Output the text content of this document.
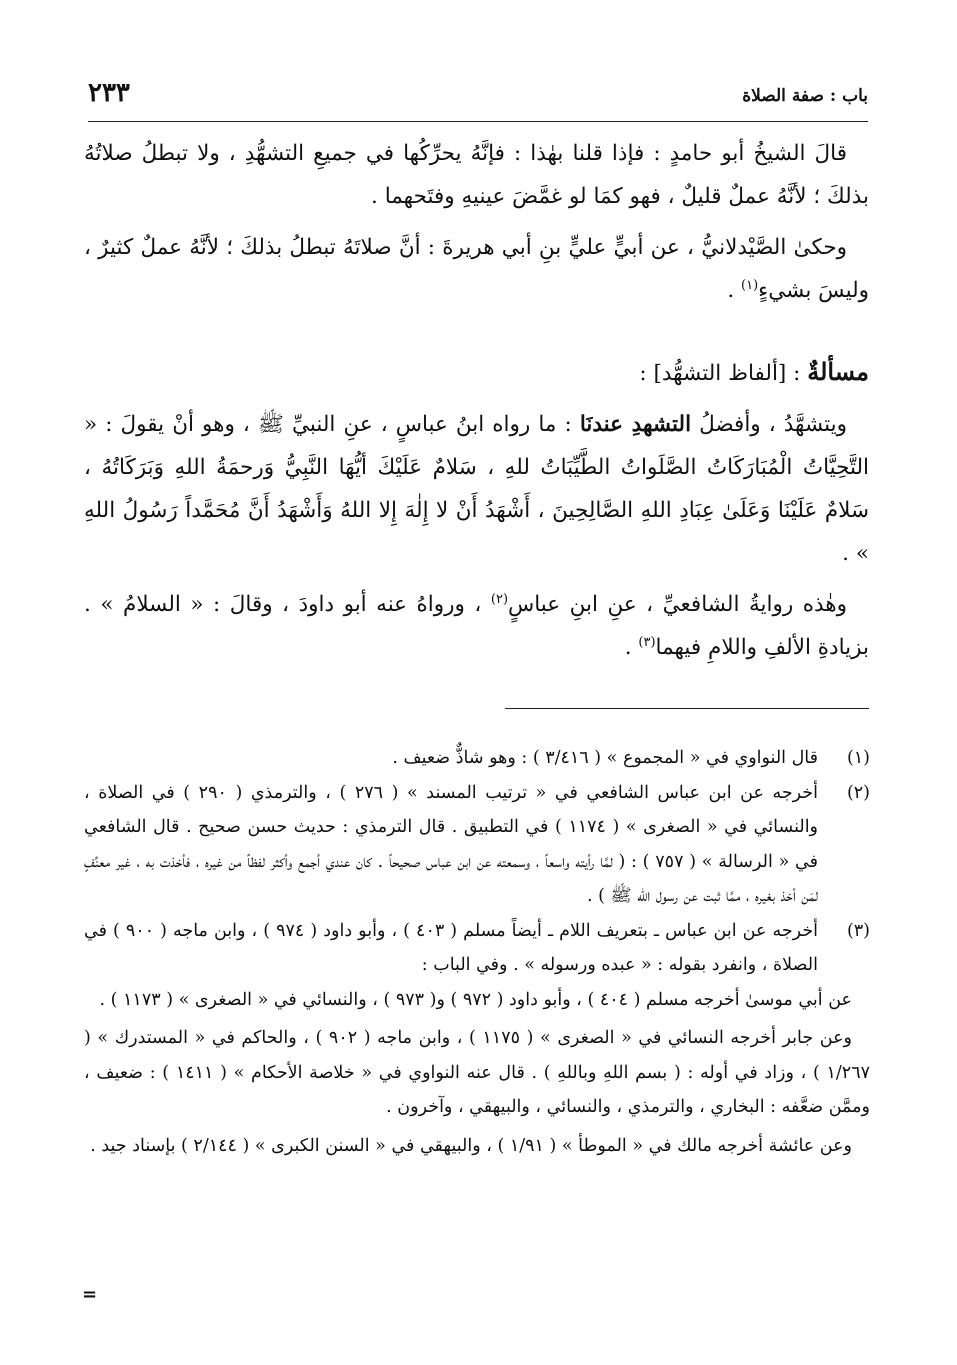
باب : صفة الصلاة
٢٣٣

قالَ الشيخُ أبو حامدٍ : فإذا قلنا بهٰذا : فإنَّهُ يحرِّكُها في جميعِ التشهُّدِ ، ولا تبطلُ صلاتُهُ بذلكَ ؛ لأنَّهُ عملٌ قليلٌ ، فهو كمَا لو غمَّضَ عينيهِ وفتَحهما .

وحكىٰ الصَّيْدلانيُّ ، عن أبيٍّ عليٍّ بنِ أبي هريرةَ : أنَّ صلاتَهُ تبطلُ بذلكَ ؛ لأنَّهُ عملٌ كثيرٌ ، وليسَ بشيءٍ$^{(١)}$ .

مسألةٌ : [ألفاظ التشهُّد] :

ويتشهَّدُ ، وأفضلُ التشهدِ عندنَا : ما رواه ابنُ عباسٍ ، عنِ النبيِّ ﷺ ، وهو أنْ يقولَ : « التَّحِيَّاتُ الْمُبَارَكَاتُ الصَّلَواتُ الطَّيِّبَاتُ للهِ ، سَلامٌ عَلَيْكَ أيُّهَا النَّبِيُّ وَرحمَةُ اللهِ وَبَرَكَاتُهُ ، سَلامٌ عَلَيْنَا وَعَلَىٰ عِبَادِ اللهِ الصَّالِحِينَ ، أَشْهَدُ أَنْ لا إِلٰهَ إِلا اللهُ وَأَشْهَدُ أَنَّ مُحَمَّداً رَسُولُ اللهِ » .

وهٰذه روايةُ الشافعيِّ ، عنِ ابنِ عباسٍ$^{(٢)}$ ، ورواهُ عنه أبو داودَ ، وقالَ : « السلامُ » . بزيادةِ الألفِ واللامِ فيهما$^{(٣)}$ .

(١)
قال النواوي في « المجموع » ( ٣/٤١٦ ) : وهو شاذٌّ ضعيف .
(٢)
أخرجه عن ابن عباس الشافعي في « ترتيب المسند » ( ٢٧٦ ) ، والترمذي ( ٢٩٠ ) في الصلاة ، والنسائي في « الصغرى » ( ١١٧٤ ) في التطبيق . قال الترمذي : حديث حسن صحيح . قال الشافعي في « الرسالة » ( ٧٥٧ ) : ( لمَّا رأيته واسعاً ، وسمعته عن ابن عباس صحيحاً . كان عندي أجمع وأكثر لفظاً من غيره ، فأخذت به ، غير معنِّفٍ لمَن أخذ بغيره ، ممَّا ثبت عن رسول الله ﷺ ) .
(٣)
أخرجه عن ابن عباس ـ بتعريف اللام ـ أيضاً مسلم ( ٤٠٣ ) ، وأبو داود ( ٩٧٤ ) ، وابن ماجه ( ٩٠٠ ) في الصلاة ، وانفرد بقوله : « عبده ورسوله » . وفي الباب :

عن أبي موسىٰ أخرجه مسلم ( ٤٠٤ ) ، وأبو داود ( ٩٧٢ ) و( ٩٧٣ ) ، والنسائي في « الصغرى » ( ١١٧٣ ) .

وعن جابر أخرجه النسائي في « الصغرى » ( ١١٧٥ ) ، وابن ماجه ( ٩٠٢ ) ، والحاكم في « المستدرك » ( ١/٢٦٧ ) ، وزاد في أوله : ( بسم اللهِ وباللهِ ) . قال عنه النواوي في « خلاصة الأحكام » ( ١٤١١ ) : ضعيف ، وممَّن ضعَّفه : البخاري ، والترمذي ، والنسائي ، والبيهقي ، وآخرون .

وعن عائشة أخرجه مالك في « الموطأ » ( ١/٩١ ) ، والبيهقي في « السنن الكبرى » ( ٢/١٤٤ ) بإسناد جيد .

=
